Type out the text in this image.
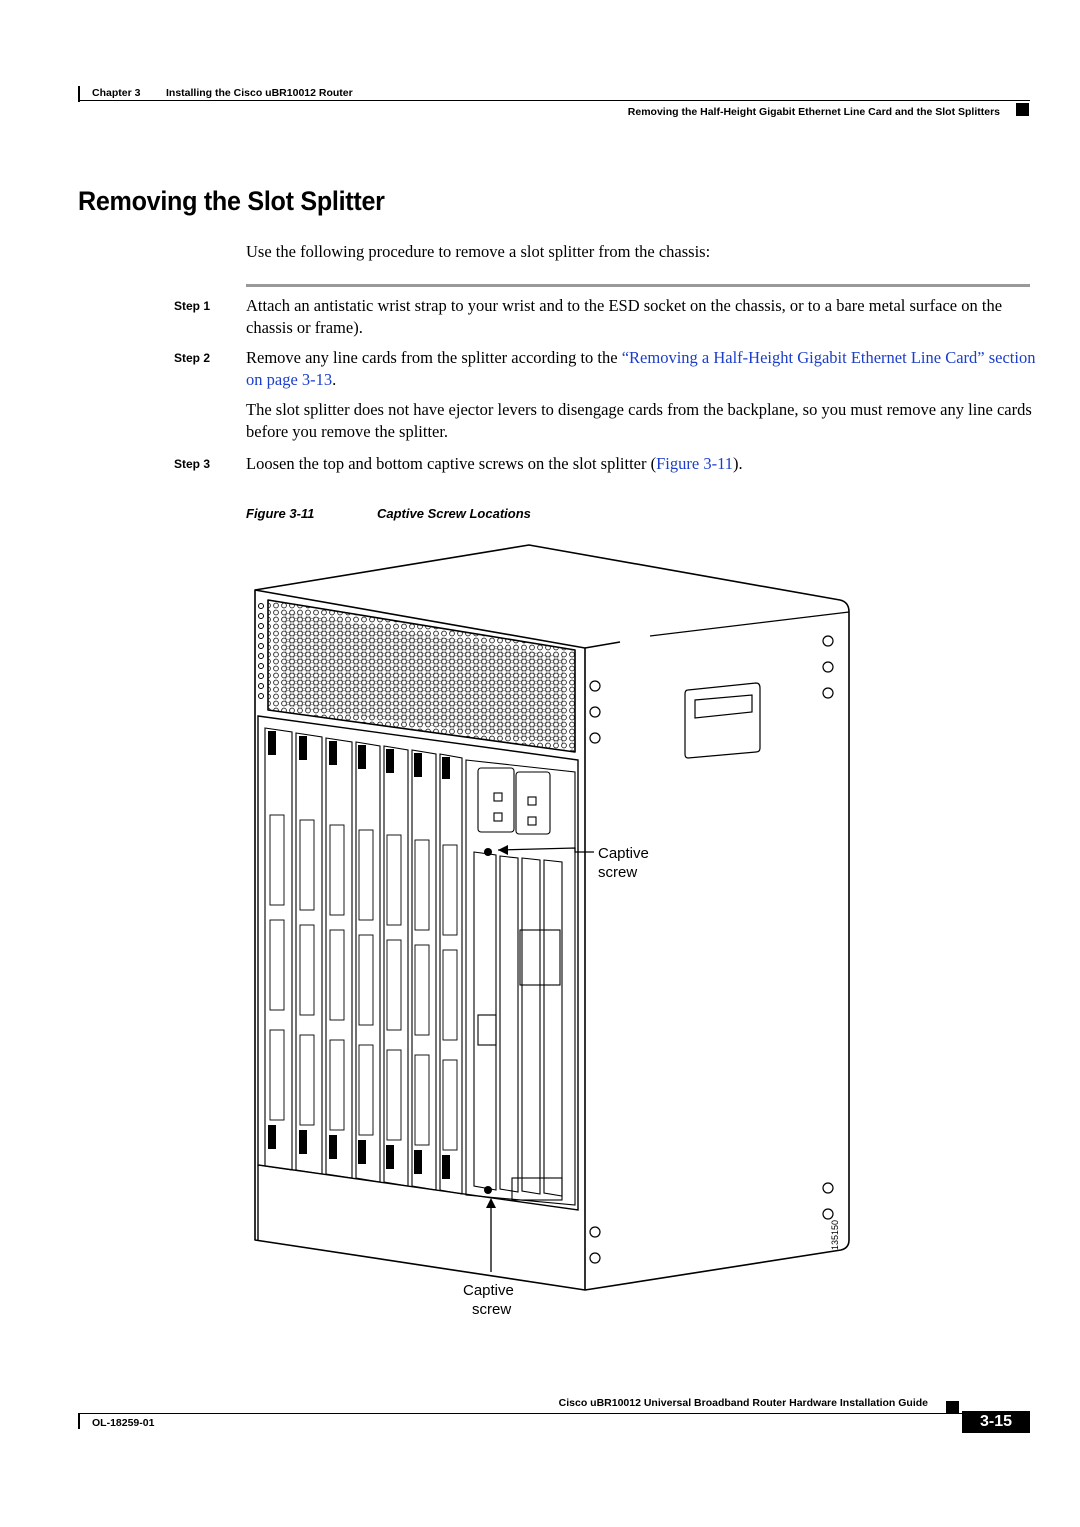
Chapter 3 Installing the Cisco uBR10012 Router
Removing the Half-Height Gigabit Ethernet Line Card and the Slot Splitters
Removing the Slot Splitter
Use the following procedure to remove a slot splitter from the chassis:
Step 1 Attach an antistatic wrist strap to your wrist and to the ESD socket on the chassis, or to a bare metal surface on the chassis or frame).
Step 2 Remove any line cards from the splitter according to the “Removing a Half-Height Gigabit Ethernet Line Card” section on page 3-13.
The slot splitter does not have ejector levers to disengage cards from the backplane, so you must remove any line cards before you remove the splitter.
Step 3 Loosen the top and bottom captive screws on the slot splitter (Figure 3-11).
Figure 3-11	Captive Screw Locations
Captive
screw
Captive
screw
135150
Cisco uBR10012 Universal Broadband Router Hardware Installation Guide
OL-18259-01	3-15
